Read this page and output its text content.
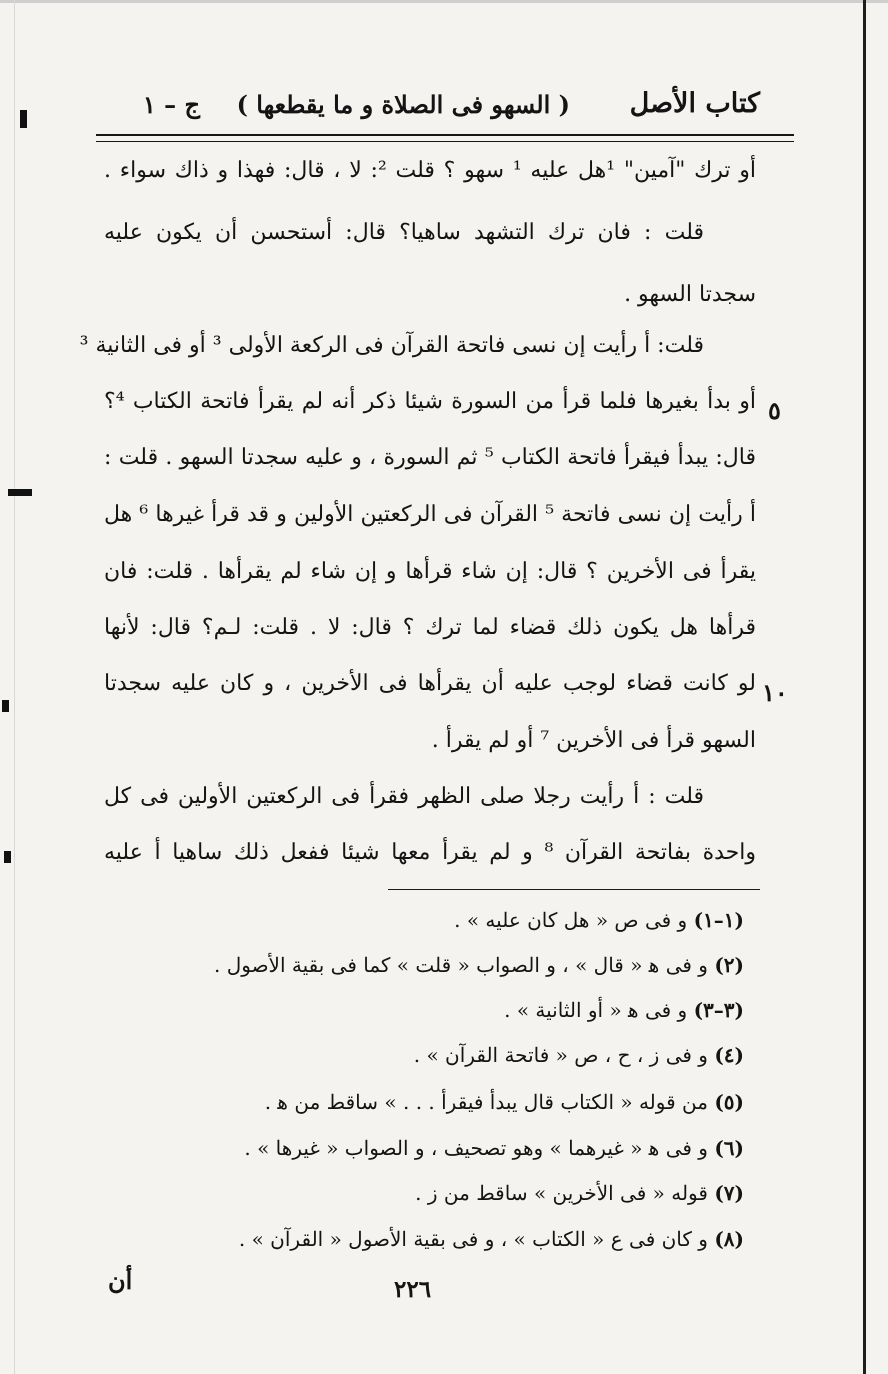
كتاب الأصل
( السهو فى الصلاة و ما يقطعها )
ج – ١
أو ترك "آمين" ¹هل عليه ¹ سهو ؟ قلت ²: لا ، قال: فهذا و ذاك سواء .
قلت : فان ترك التشهد ساهيا؟ قال: أستحسن أن يكون عليه
سجدتا السهو .
قلت: أ رأيت إن نسى فاتحة القرآن فى الركعة الأولى ³ أو فى الثانية ³
أو بدأ بغيرها فلما قرأ من السورة شيئا ذكر أنه لم يقرأ فاتحة الكتاب ⁴؟
قال: يبدأ فيقرأ فاتحة الكتاب ⁵ ثم السورة ، و عليه سجدتا السهو . قلت :
أ رأيت إن نسى فاتحة ⁵ القرآن فى الركعتين الأولين و قد قرأ غيرها ⁶ هل
يقرأ فى الأخرين ؟ قال: إن شاء قرأها و إن شاء لم يقرأها . قلت: فان
قرأها هل يكون ذلك قضاء لما ترك ؟ قال: لا . قلت: لـم؟ قال: لأنها
لو كانت قضاء لوجب عليه أن يقرأها فى الأخرين ، و كان عليه سجدتا
السهو قرأ فى الأخرين ⁷ أو لم يقرأ .
قلت : أ رأيت رجلا صلى الظهر فقرأ فى الركعتين الأولين فى كل
واحدة بفاتحة القرآن ⁸ و لم يقرأ معها شيئا ففعل ذلك ساهيا أ عليه
٥
١٠
(١–١) و فى ص « هل كان عليه » .
(٢) و فى ﻫ « قال » ، و الصواب « قلت » كما فى بقية الأصول .
(٣–٣) و فى ﻫ « أو الثانية » .
(٤) و فى ز ، ح ، ص « فاتحة القرآن » .
(٥) من قوله « الكتاب قال يبدأ فيقرأ . . . » ساقط من ﻫ .
(٦) و فى ﻫ « غيرهما » وهو تصحيف ، و الصواب « غيرها » .
(٧) قوله « فى الأخرين » ساقط من ز .
(٨) و كان فى ع « الكتاب » ، و فى بقية الأصول « القرآن » .
أن	٢٢٦
